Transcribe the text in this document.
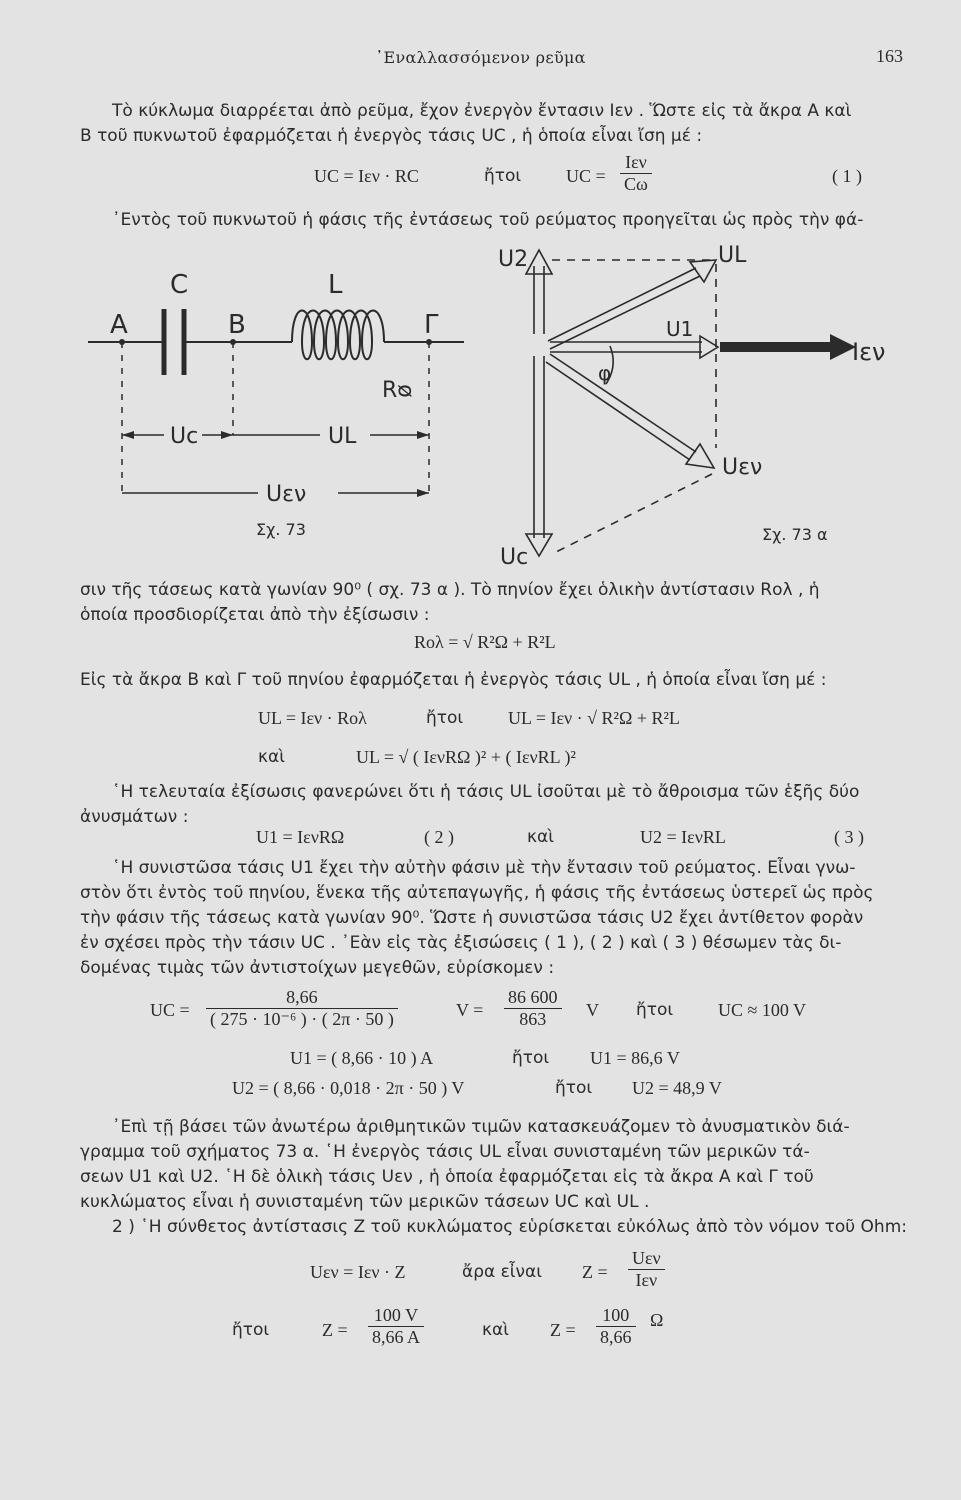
᾿Εναλλασσόμενον ρεῦμα	163
Τὸ κύκλωμα διαρρέεται ἀπὸ ρεῦμα, ἔχον ἐνεργὸν ἔντασιν Iεν . Ὥστε εἰς τὰ ἄκρα Α καὶ
Β τοῦ πυκνωτοῦ ἐφαρμόζεται ἡ ἐνεργὸς τάσις UC , ἡ ὁποία εἶναι ἴση μέ :
UC = Iεν · RC	ἤτοι UC = $\frac{\text{Iεν}}{C\omega}$	( 1 )
᾿Εντὸς τοῦ πυκνωτοῦ ἡ φάσις τῆς ἐντάσεως τοῦ ρεύματος προηγεῖται ὡς πρὸς τὴν φά-
C	L
A	B	Γ
Rᴓ
Uc	UL
Uεν
Σχ. 73
U2	UL
U1
Iεν
φ
Uεν
Uc
Σχ. 73 α
σιν τῆς τάσεως κατὰ γωνίαν 90⁰ ( σχ. 73 α ). Τὸ πηνίον ἔχει ὁλικὴν ἀντίστασιν Rολ , ἡ
ὁποία προσδιορίζεται ἀπὸ τὴν ἐξίσωσιν :
Rολ = √ R²Ω + R²L
Εἰς τὰ ἄκρα Β καὶ Γ τοῦ πηνίου ἐφαρμόζεται ἡ ἐνεργὸς τάσις UL , ἡ ὁποία εἶναι ἴση μέ :
UL = Iεν · Rολ	ἤτοι UL = Iεν · √ R²Ω + R²L
καὶ	UL = √ ( IενRΩ )² + ( IενRL )²
῾Η τελευταία ἐξίσωσις φανερώνει ὅτι ἡ τάσις UL ἰσοῦται μὲ τὸ ἄθροισμα τῶν ἑξῆς δύο
ἀνυσμάτων :
U1 = IενRΩ	( 2 )	καὶ	U2 = IενRL	( 3 )
῾Η συνιστῶσα τάσις U1 ἔχει τὴν αὐτὴν φάσιν μὲ τὴν ἔντασιν τοῦ ρεύματος. Εἶναι γνω-
στὸν ὅτι ἐντὸς τοῦ πηνίου, ἕνεκα τῆς αὐτεπαγωγῆς, ἡ φάσις τῆς ἐντάσεως ὑστερεῖ ὡς πρὸς
τὴν φάσιν τῆς τάσεως κατὰ γωνίαν 90⁰. Ὥστε ἡ συνιστῶσα τάσις U2 ἔχει ἀντίθετον φορὰν
ἐν σχέσει πρὸς τὴν τάσιν UC . ᾿Εὰν εἰς τὰς ἐξισώσεις ( 1 ), ( 2 ) καὶ ( 3 ) θέσωμεν τὰς δι-
δομένας τιμὰς τῶν ἀντιστοίχων μεγεθῶν, εὑρίσκομεν :
UC = $\frac{8,66}{\text{( 275 · 10⁻⁶ ) · ( 2π · 50 )}}$	$V = \frac{86 600}{863}$ V ἤτοι UC ≈ 100 V
U1 = ( 8,66 · 10 ) A	ἤτοι U1 = 86,6 V
U2 = ( 8,66 · 0,018 · 2π · 50 ) V	ἤτοι U2 = 48,9 V
᾿Επὶ τῇ βάσει τῶν ἀνωτέρω ἀριθμητικῶν τιμῶν κατασκευάζομεν τὸ ἀνυσματικὸν διά-
γραμμα τοῦ σχήματος 73 α. ῾Η ἐνεργὸς τάσις UL εἶναι συνισταμένη τῶν μερικῶν τά-
σεων U1 καὶ U2. ῾Η δὲ ὁλικὴ τάσις Uεν , ἡ ὁποία ἐφαρμόζεται εἰς τὰ ἄκρα Α καὶ Γ τοῦ
κυκλώματος εἶναι ἡ συνισταμένη τῶν μερικῶν τάσεων UC καὶ UL .
2 ) ῾Η σύνθετος ἀντίστασις Z τοῦ κυκλώματος εὑρίσκεται εὐκόλως ἀπὸ τὸν νόμον τοῦ Ohm:
Uεν = Iεν · Z	ἄρα εἶναι $Z = \frac{\text{Uεν}}{\text{Iεν}}$
ἤτοι	$Z = \frac{100 V}{8,66 A}$	καὶ $Z = \frac{100}{8,66}$ Ω
